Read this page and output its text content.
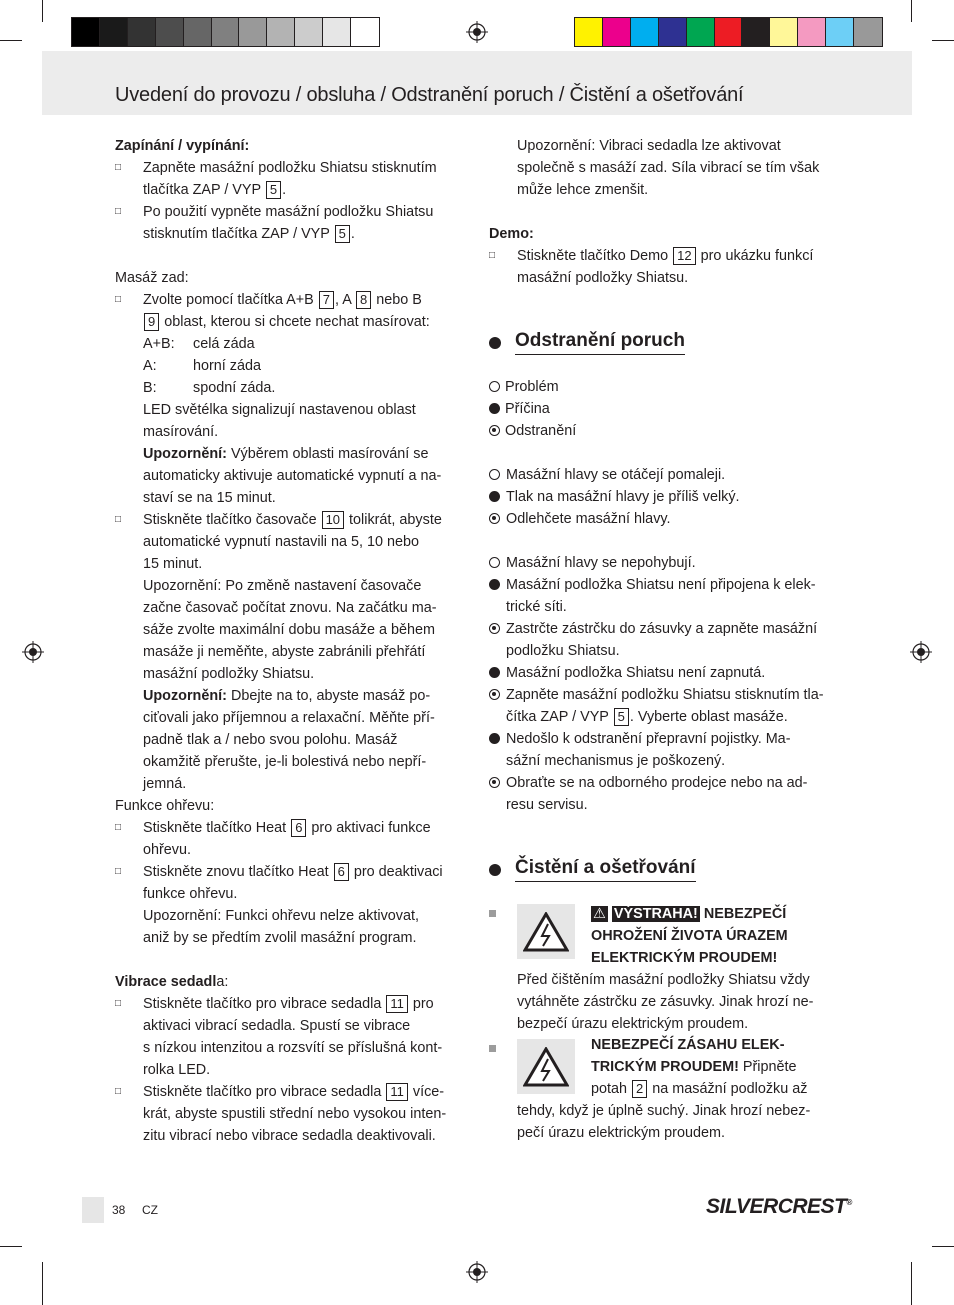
Uvedení do provozu / obsluha / Odstranění poruch / Čistění a ošetřování

Zapínání / vypínání:

□ Zapněte masážní podložku Shiatsu stisknutím
tlačítka ZAP / VYP 5 .

□ Po použití vypněte masážní podložku Shiatsu
stisknutím tlačítka ZAP / VYP 5 .

Masáž zad:

□ Zvolte pomocí tlačítka A+B 7 , A 8 nebo B
9 oblast, kterou si chcete nechat masírovat:

A+B:	celá záda
A:	horní záda
B:	spodní záda.

LED světélka signalizují nastavenou oblast
masírování.

Upozornění: Výběrem oblasti masírování se
automaticky aktivuje automatické vypnutí a na-
staví se na 15 minut.

□ Stiskněte tlačítko časovače 10 tolikrát, abyste
automatické vypnutí nastavili na 5, 10 nebo
15 minut.

Upozornění: Po změně nastavení časovače
začne časovač počítat znovu. Na začátku ma-
sáže zvolte maximální dobu masáže a během
masáže ji neměňte, abyste zabránili přehřátí
masážní podložky Shiatsu.

Upozornění: Dbejte na to, abyste masáž po-
ciťovali jako příjemnou a relaxační. Měňte pří-
padně tlak a / nebo svou polohu. Masáž
okamžitě přerušte, je-li bolestivá nebo nepří-
jemná.

Funkce ohřevu:

□ Stiskněte tlačítko Heat 6 pro aktivaci funkce
ohřevu.

□ Stiskněte znovu tlačítko Heat 6 pro deaktivaci
funkce ohřevu.

Upozornění: Funkci ohřevu nelze aktivovat,
aniž by se předtím zvolil masážní program.

Vibrace sedadla:

□ Stiskněte tlačítko pro vibrace sedadla 11 pro
aktivaci vibrací sedadla. Spustí se vibrace
s nízkou intenzitou a rozsvítí se příslušná kont-
rolka LED.

□ Stiskněte tlačítko pro vibrace sedadla 11 více-
krát, abyste spustili střední nebo vysokou inten-
zitu vibrací nebo vibrace sedadla deaktivovali.

Upozornění: Vibraci sedadla lze aktivovat
společně s masáží zad. Síla vibrací se tím však
může lehce zmenšit.

Demo:

□ Stiskněte tlačítko Demo 12 pro ukázku funkcí
masážní podložky Shiatsu.

Odstranění poruch

Problém

Příčina

Odstranění

Masážní hlavy se otáčejí pomaleji.

Tlak na masážní hlavy je příliš velký.

Odlehčete masážní hlavy.

Masážní hlavy se nepohybují.

Masážní podložka Shiatsu není připojena k elek-
trické síti.

Zastrčte zástrčku do zásuvky a zapněte masážní
podložku Shiatsu.

Masážní podložka Shiatsu není zapnutá.

Zapněte masážní podložku Shiatsu stisknutím tla-
čítka ZAP / VYP 5 . Vyberte oblast masáže.

Nedošlo k odstranění přepravní pojistky. Ma-
sážní mechanismus je poškozený.

Obraťte se na odborného prodejce nebo na ad-
resu servisu.

Čistění a ošetřování

⚠ VÝSTRAHA! NEBEZPEČÍ
OHROŽENÍ ŽIVOTA ÚRAZEM
ELEKTRICKÝM PROUDEM!

Před čištěním masážní podložky Shiatsu vždy
vytáhněte zástrčku ze zásuvky. Jinak hrozí ne-
bezpečí úrazu elektrickým proudem.

NEBEZPEČÍ ZÁSAHU ELEK-
TRICKÝM PROUDEM! Připněte
potah 2 na masážní podložku až

tehdy, když je úplně suchý. Jinak hrozí nebez-
pečí úrazu elektrickým proudem.

38 CZ	SILVERCREST®
